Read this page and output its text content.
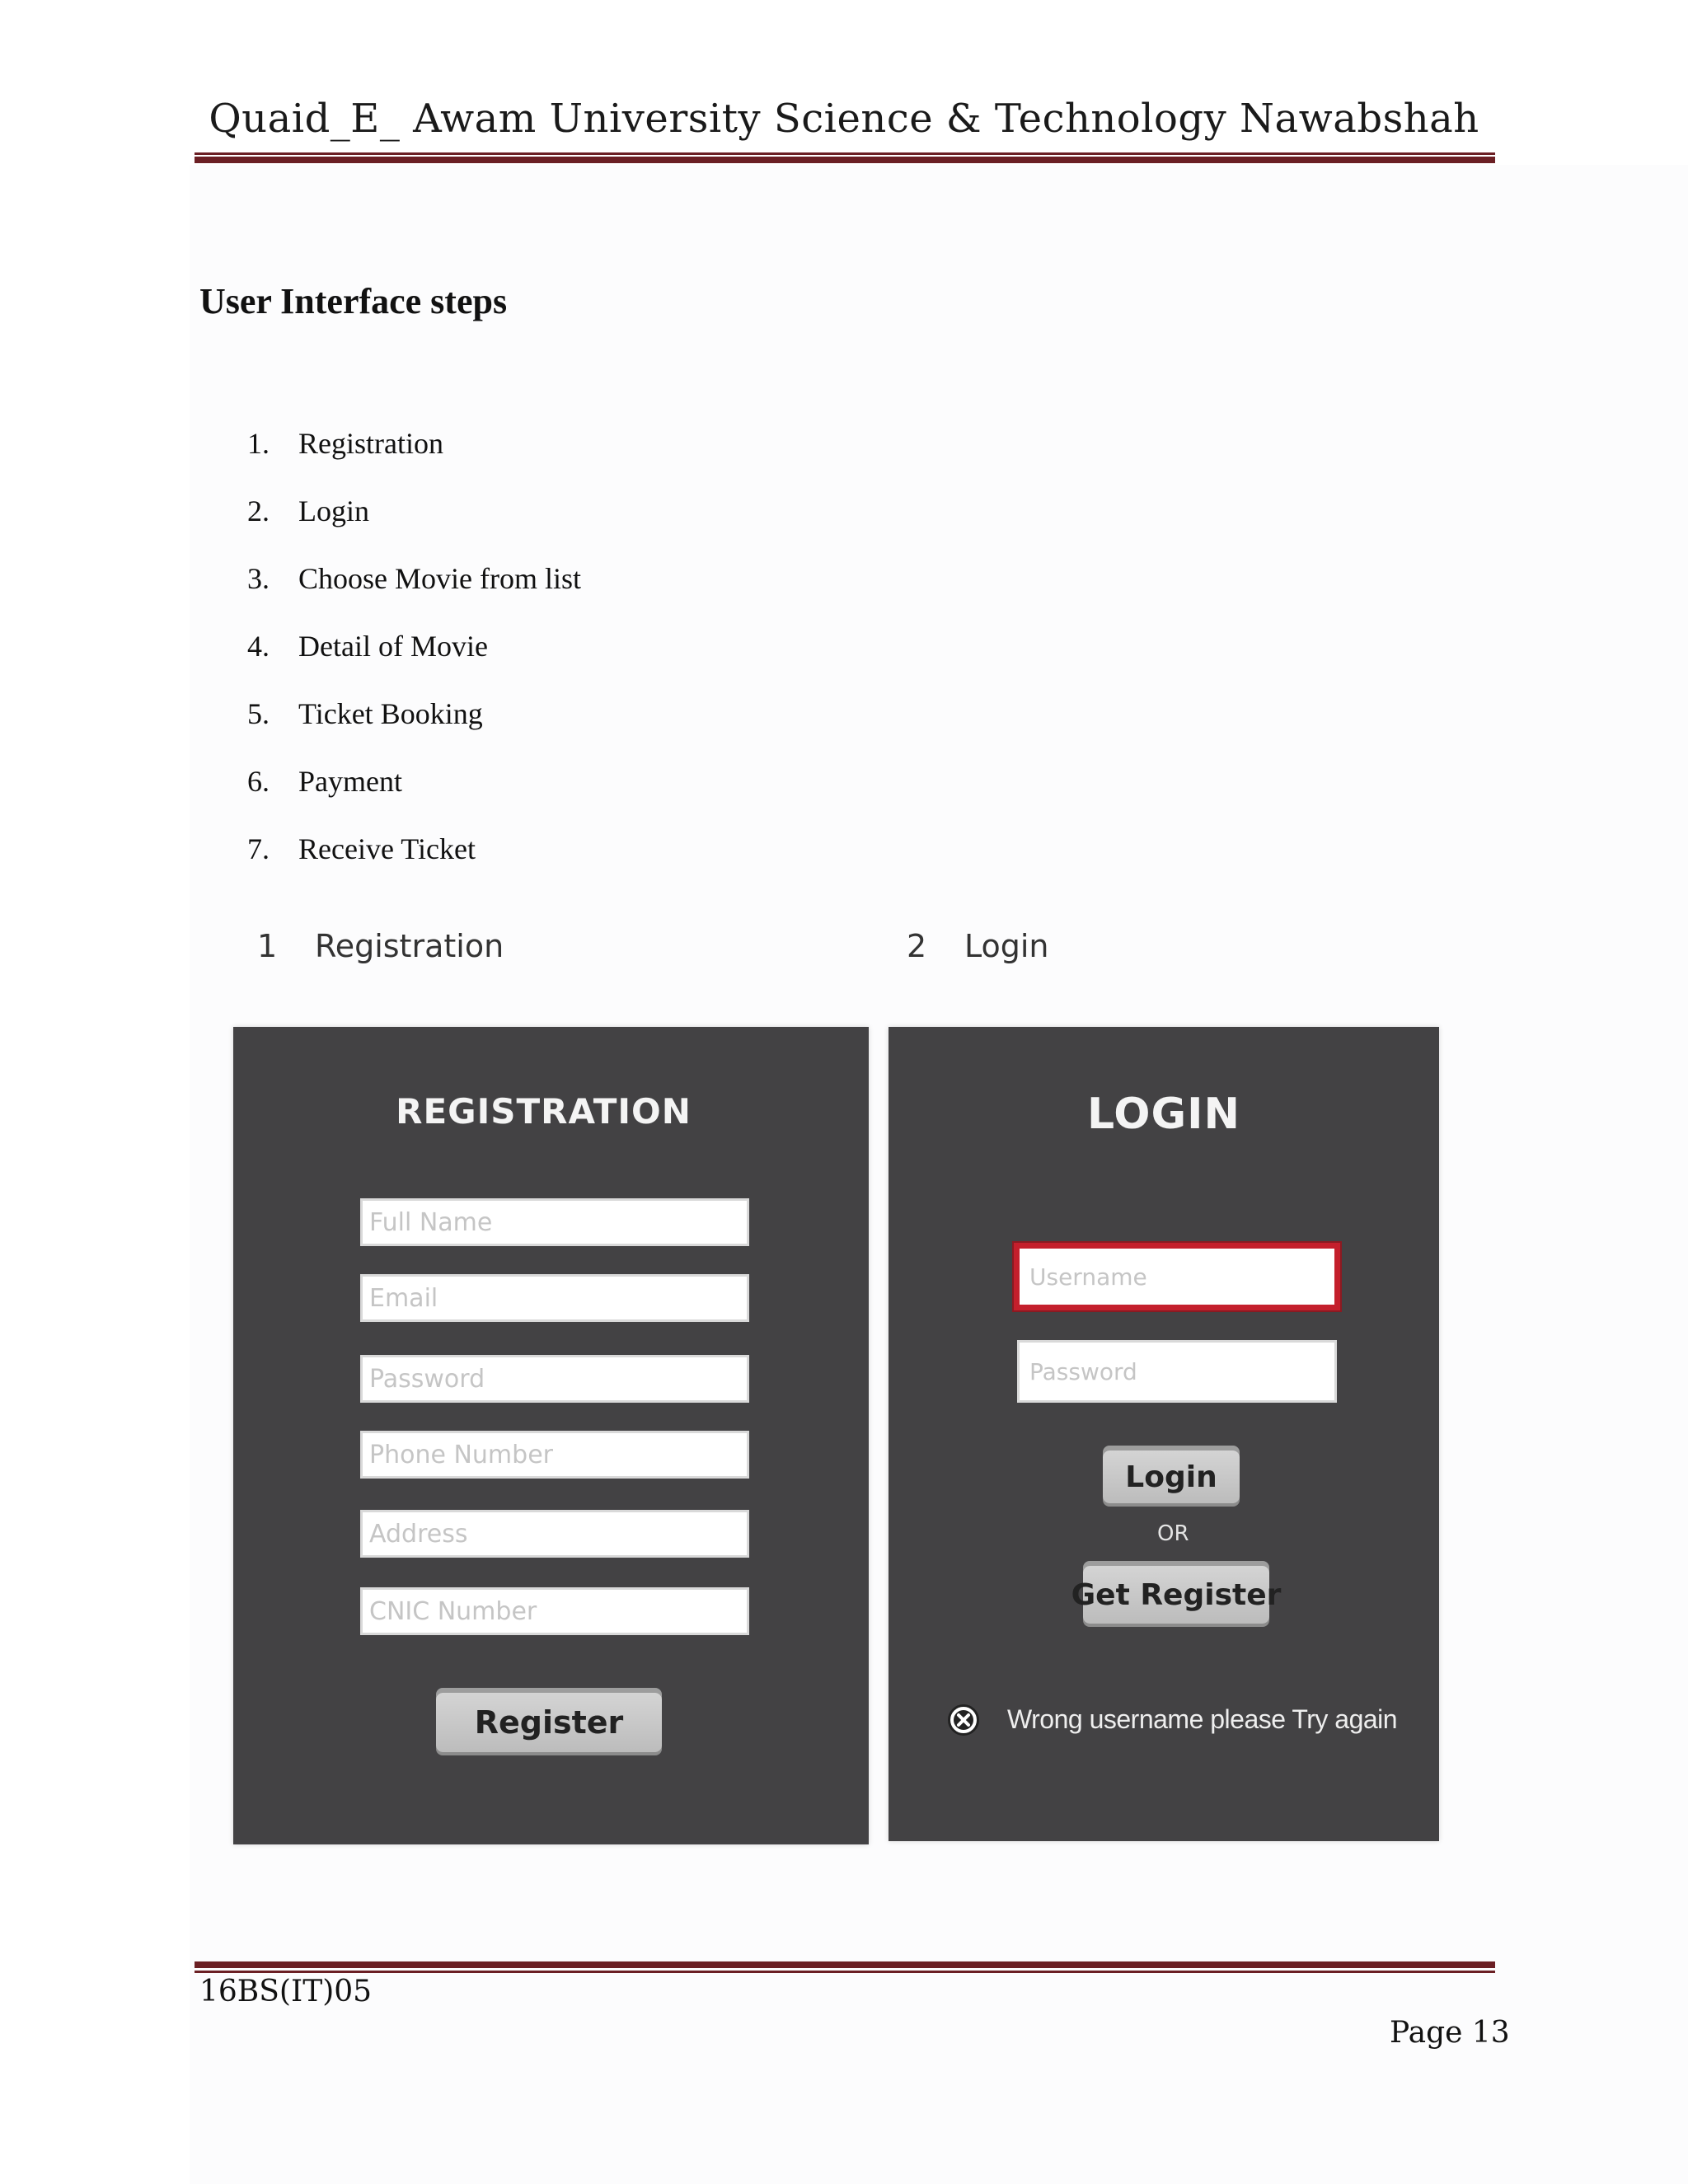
Quaid_E_ Awam University Science & Technology Nawabshah
User Interface steps
1. Registration
2. Login
3. Choose Movie from list
4. Detail of Movie
5. Ticket Booking
6. Payment
7. Receive Ticket
1 Registration	2 Login
REGISTRATION
Full Name
Email
Password
Phone Number
Address
CNIC Number
Register
LOGIN
Username
Password
Login
OR
Get Register
Wrong username please Try again
16BS(IT)05
Page 13
